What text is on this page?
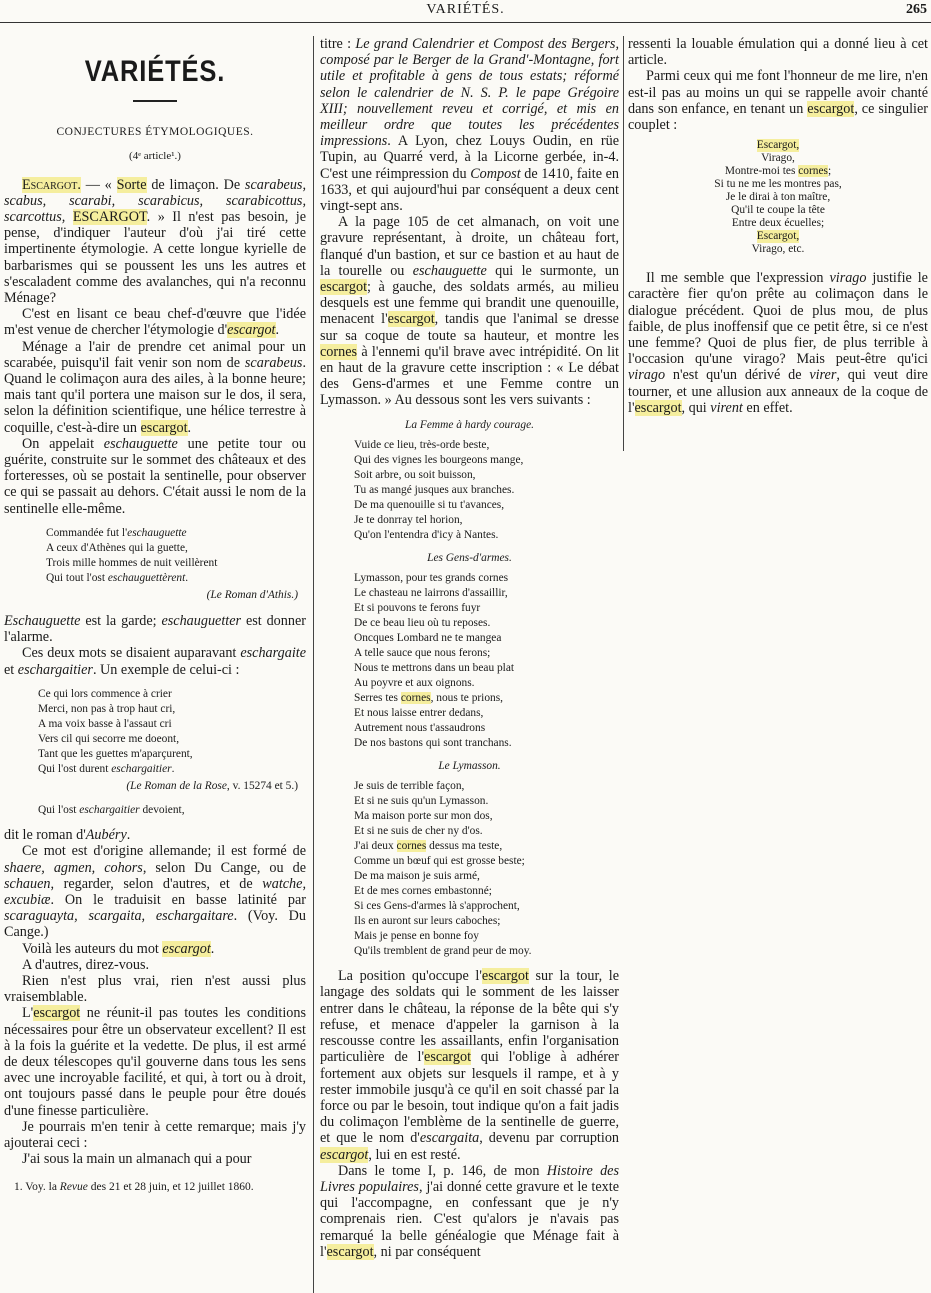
VARIÉTÉS.	265
VARIÉTÉS.

CONJECTURES ÉTYMOLOGIQUES.

(4ᵉ article¹.)

Escargot. — « Sorte de limaçon. De scarabeus, scabus, scarabi, scarabicus, scarabicottus, scarcottus, ESCARGOT. » Il n'est pas besoin, je pense, d'indiquer l'auteur d'où j'ai tiré cette impertinente étymologie. A cette longue kyrielle de barbarismes qui se poussent les uns les autres et s'escaladent comme des avalanches, qui n'a reconnu Ménage?

C'est en lisant ce beau chef-d'œuvre que l'idée m'est venue de chercher l'étymologie d'escargot.

Ménage a l'air de prendre cet animal pour un scarabée, puisqu'il fait venir son nom de scarabeus. Quand le colimaçon aura des ailes, à la bonne heure; mais tant qu'il portera une maison sur le dos, il sera, selon la définition scientifique, une hélice terrestre à coquille, c'est-à-dire un escargot.

On appelait eschauguette une petite tour ou guérite, construite sur le sommet des châteaux et des forteresses, où se postait la sentinelle, pour observer ce qui se passait au dehors. C'était aussi le nom de la sentinelle elle-même.

Commandée fut l'eschauguette

A ceux d'Athènes qui la guette,

Trois mille hommes de nuit veillèrent

Qui tout l'ost eschauguettèrent.

(Le Roman d'Athis.)

Eschauguette est la garde; eschauguetter est donner l'alarme.

Ces deux mots se disaient auparavant eschargaite et eschargaitier. Un exemple de celui-ci :

Ce qui lors commence à crier

Merci, non pas à trop haut cri,

A ma voix basse à l'assaut cri

Vers cil qui secorre me doeont,

Tant que les guettes m'aparçurent,

Qui l'ost durent eschargaitier.

(Le Roman de la Rose, v. 15274 et 5.)

Qui l'ost eschargaitier devoient,

dit le roman d'Aubéry.

Ce mot est d'origine allemande; il est formé de shaere, agmen, cohors, selon Du Cange, ou de schauen, regarder, selon d'autres, et de watche, excubiæ. On le traduisit en basse latinité par scaraguayta, scargaita, eschargaitare. (Voy. Du Cange.)

Voilà les auteurs du mot escargot.

A d'autres, direz-vous.

Rien n'est plus vrai, rien n'est aussi plus vraisemblable.

L'escargot ne réunit-il pas toutes les conditions nécessaires pour être un observateur excellent? Il est à la fois la guérite et la vedette. De plus, il est armé de deux télescopes qu'il gouverne dans tous les sens avec une incroyable facilité, et qui, à tort ou à droit, ont toujours passé dans le peuple pour être doués d'une finesse particulière.

Je pourrais m'en tenir à cette remarque; mais j'y ajouterai ceci :

J'ai sous la main un almanach qui a pour

1. Voy. la Revue des 21 et 28 juin, et 12 juillet 1860.

titre : Le grand Calendrier et Compost des Bergers, composé par le Berger de la Grand'-Montagne, fort utile et profitable à gens de tous estats; réformé selon le calendrier de N. S. P. le pape Grégoire XIII; nouvellement reveu et corrigé, et mis en meilleur ordre que toutes les précédentes impressions. A Lyon, chez Louys Oudin, en rüe Tupin, au Quarré verd, à la Licorne gerbée, in-4. C'est une réimpression du Compost de 1410, faite en 1633, et qui aujourd'hui par conséquent a deux cent vingt-sept ans.

A la page 105 de cet almanach, on voit une gravure représentant, à droite, un château fort, flanqué d'un bastion, et sur ce bastion et au haut de la tourelle ou eschauguette qui le surmonte, un escargot; à gauche, des soldats armés, au milieu desquels est une femme qui brandit une quenouille, menacent l'escargot, tandis que l'animal se dresse sur sa coque de toute sa hauteur, et montre les cornes à l'ennemi qu'il brave avec intrépidité. On lit en haut de la gravure cette inscription : « Le débat des Gens-d'armes et une Femme contre un Lymasson. » Au dessous sont les vers suivants :

La Femme à hardy courage.

Vuide ce lieu, très-orde beste,

Qui des vignes les bourgeons mange,

Soit arbre, ou soit buisson,

Tu as mangé jusques aux branches.

De ma quenouille si tu t'avances,

Je te donrray tel horion,

Qu'on l'entendra d'icy à Nantes.

Les Gens-d'armes.

Lymasson, pour tes grands cornes

Le chasteau ne lairrons d'assaillir,

Et si pouvons te ferons fuyr

De ce beau lieu où tu reposes.

Oncques Lombard ne te mangea

A telle sauce que nous ferons;

Nous te mettrons dans un beau plat

Au poyvre et aux oignons.

Serres tes cornes, nous te prions,

Et nous laisse entrer dedans,

Autrement nous t'assaudrons

De nos bastons qui sont tranchans.

Le Lymasson.

Je suis de terrible façon,

Et si ne suis qu'un Lymasson.

Ma maison porte sur mon dos,

Et si ne suis de cher ny d'os.

J'ai deux cornes dessus ma teste,

Comme un bœuf qui est grosse beste;

De ma maison je suis armé,

Et de mes cornes embastonné;

Si ces Gens-d'armes là s'approchent,

Ils en auront sur leurs caboches;

Mais je pense en bonne foy

Qu'ils tremblent de grand peur de moy.

La position qu'occupe l'escargot sur la tour, le langage des soldats qui le somment de les laisser entrer dans le château, la réponse de la bête qui s'y refuse, et menace d'appeler la garnison à la rescousse contre les assaillants, enfin l'organisation particulière de l'escargot qui l'oblige à adhérer fortement aux objets sur lesquels il rampe, et à y rester immobile jusqu'à ce qu'il en soit chassé par la force ou par le besoin, tout indique qu'on a fait jadis du colimaçon l'emblème de la sentinelle de guerre, et que le nom d'escargaita, devenu par corruption escargot, lui en est resté.

Dans le tome I, p. 146, de mon Histoire des Livres populaires, j'ai donné cette gravure et le texte qui l'accompagne, en confessant que je n'y comprenais rien. C'est qu'alors je n'avais pas remarqué la belle généalogie que Ménage fait à l'escargot, ni par conséquent

ressenti la louable émulation qui a donné lieu à cet article.

Parmi ceux qui me font l'honneur de me lire, n'en est-il pas au moins un qui se rappelle avoir chanté dans son enfance, en tenant un escargot, ce singulier couplet :

Escargot,
Virago,
Montre-moi tes cornes;
Si tu ne me les montres pas,
Je le dirai à ton maître,
Qu'il te coupe la tête
Entre deux écuelles;
Escargot,
Virago, etc.

Il me semble que l'expression virago justifie le caractère fier qu'on prête au colimaçon dans le dialogue précédent. Quoi de plus mou, de plus faible, de plus inoffensif que ce petit être, si ce n'est une femme? Quoi de plus fier, de plus terrible à l'occasion qu'une virago? Mais peut-être qu'ici virago n'est qu'un dérivé de virer, qui veut dire tourner, et une allusion aux anneaux de la coque de l'escargot, qui virent en effet.
